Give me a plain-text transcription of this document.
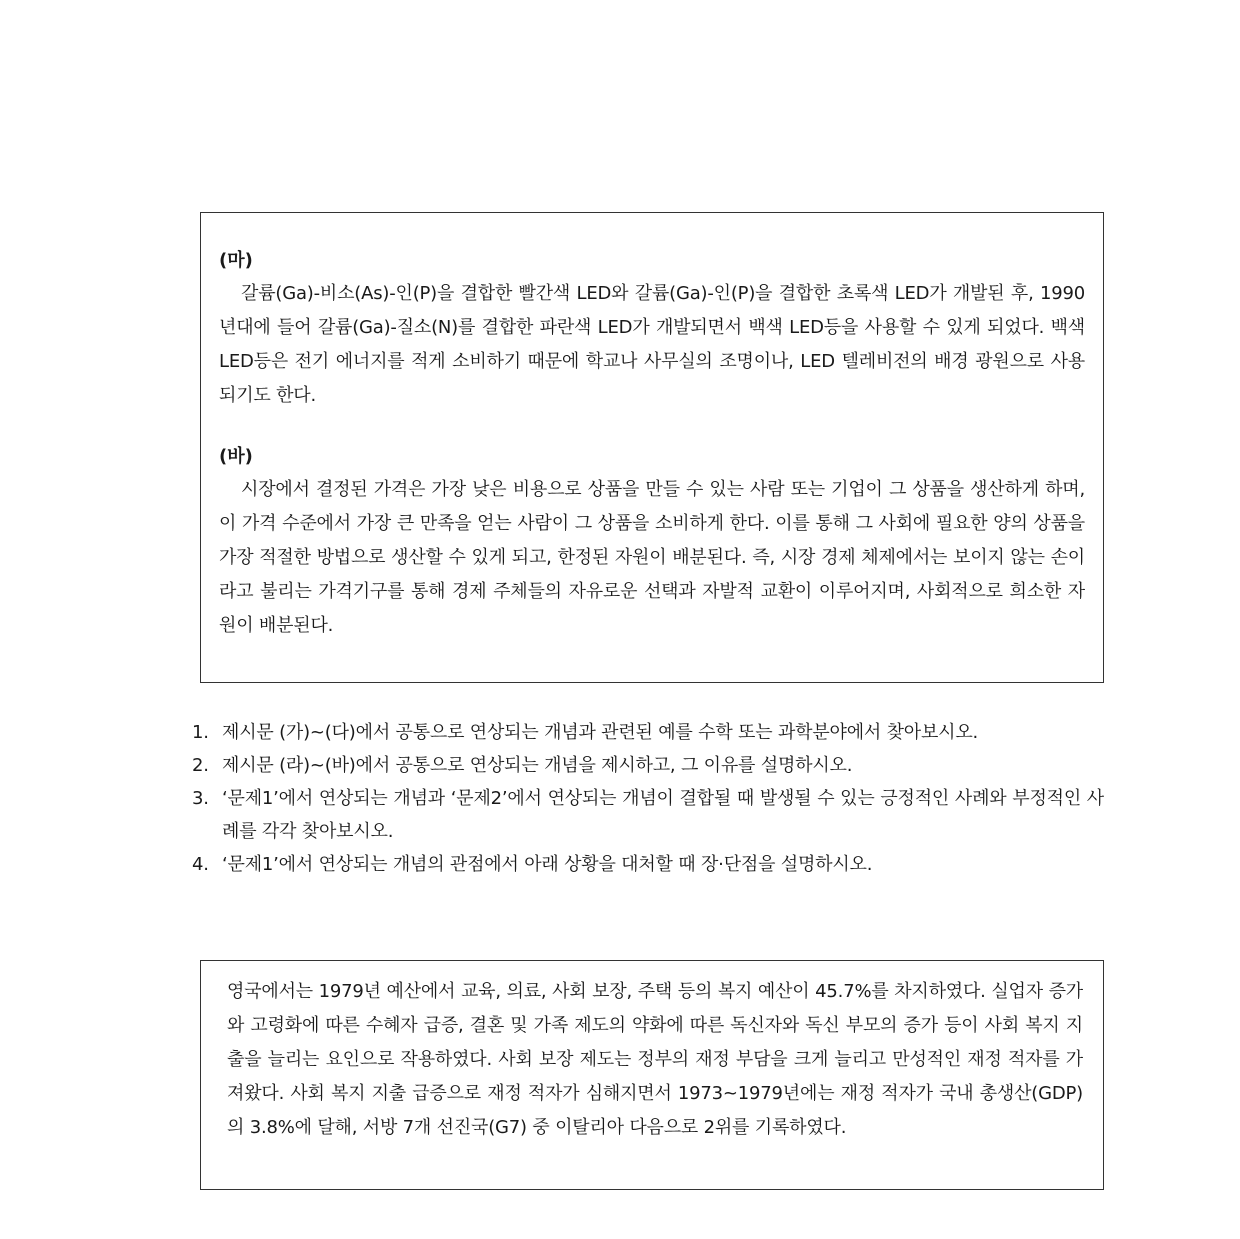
(마)

갈륨(Ga)-비소(As)-인(P)을 결합한 빨간색 LED와 갈륨(Ga)-인(P)을 결합한 초록색 LED가 개발된 후, 1990년대에 들어 갈륨(Ga)-질소(N)를 결합한 파란색 LED가 개발되면서 백색 LED등을 사용할 수 있게 되었다. 백색 LED등은 전기 에너지를 적게 소비하기 때문에 학교나 사무실의 조명이나, LED 텔레비전의 배경 광원으로 사용되기도 한다.

(바)

시장에서 결정된 가격은 가장 낮은 비용으로 상품을 만들 수 있는 사람 또는 기업이 그 상품을 생산하게 하며, 이 가격 수준에서 가장 큰 만족을 얻는 사람이 그 상품을 소비하게 한다. 이를 통해 그 사회에 필요한 양의 상품을 가장 적절한 방법으로 생산할 수 있게 되고, 한정된 자원이 배분된다. 즉, 시장 경제 체제에서는 보이지 않는 손이라고 불리는 가격기구를 통해 경제 주체들의 자유로운 선택과 자발적 교환이 이루어지며, 사회적으로 희소한 자원이 배분된다.

1. 제시문 (가)~(다)에서 공통으로 연상되는 개념과 관련된 예를 수학 또는 과학분야에서 찾아보시오.
2. 제시문 (라)~(바)에서 공통으로 연상되는 개념을 제시하고, 그 이유를 설명하시오.
3. ‘문제1’에서 연상되는 개념과 ‘문제2’에서 연상되는 개념이 결합될 때 발생될 수 있는 긍정적인 사례와 부정적인 사례를 각각 찾아보시오.
4. ‘문제1’에서 연상되는 개념의 관점에서 아래 상황을 대처할 때 장·단점을 설명하시오.

영국에서는 1979년 예산에서 교육, 의료, 사회 보장, 주택 등의 복지 예산이 45.7%를 차지하였다. 실업자 증가와 고령화에 따른 수혜자 급증, 결혼 및 가족 제도의 약화에 따른 독신자와 독신 부모의 증가 등이 사회 복지 지출을 늘리는 요인으로 작용하였다. 사회 보장 제도는 정부의 재정 부담을 크게 늘리고 만성적인 재정 적자를 가져왔다. 사회 복지 지출 급증으로 재정 적자가 심해지면서 1973~1979년에는 재정 적자가 국내 총생산(GDP)의 3.8%에 달해, 서방 7개 선진국(G7) 중 이탈리아 다음으로 2위를 기록하였다.
